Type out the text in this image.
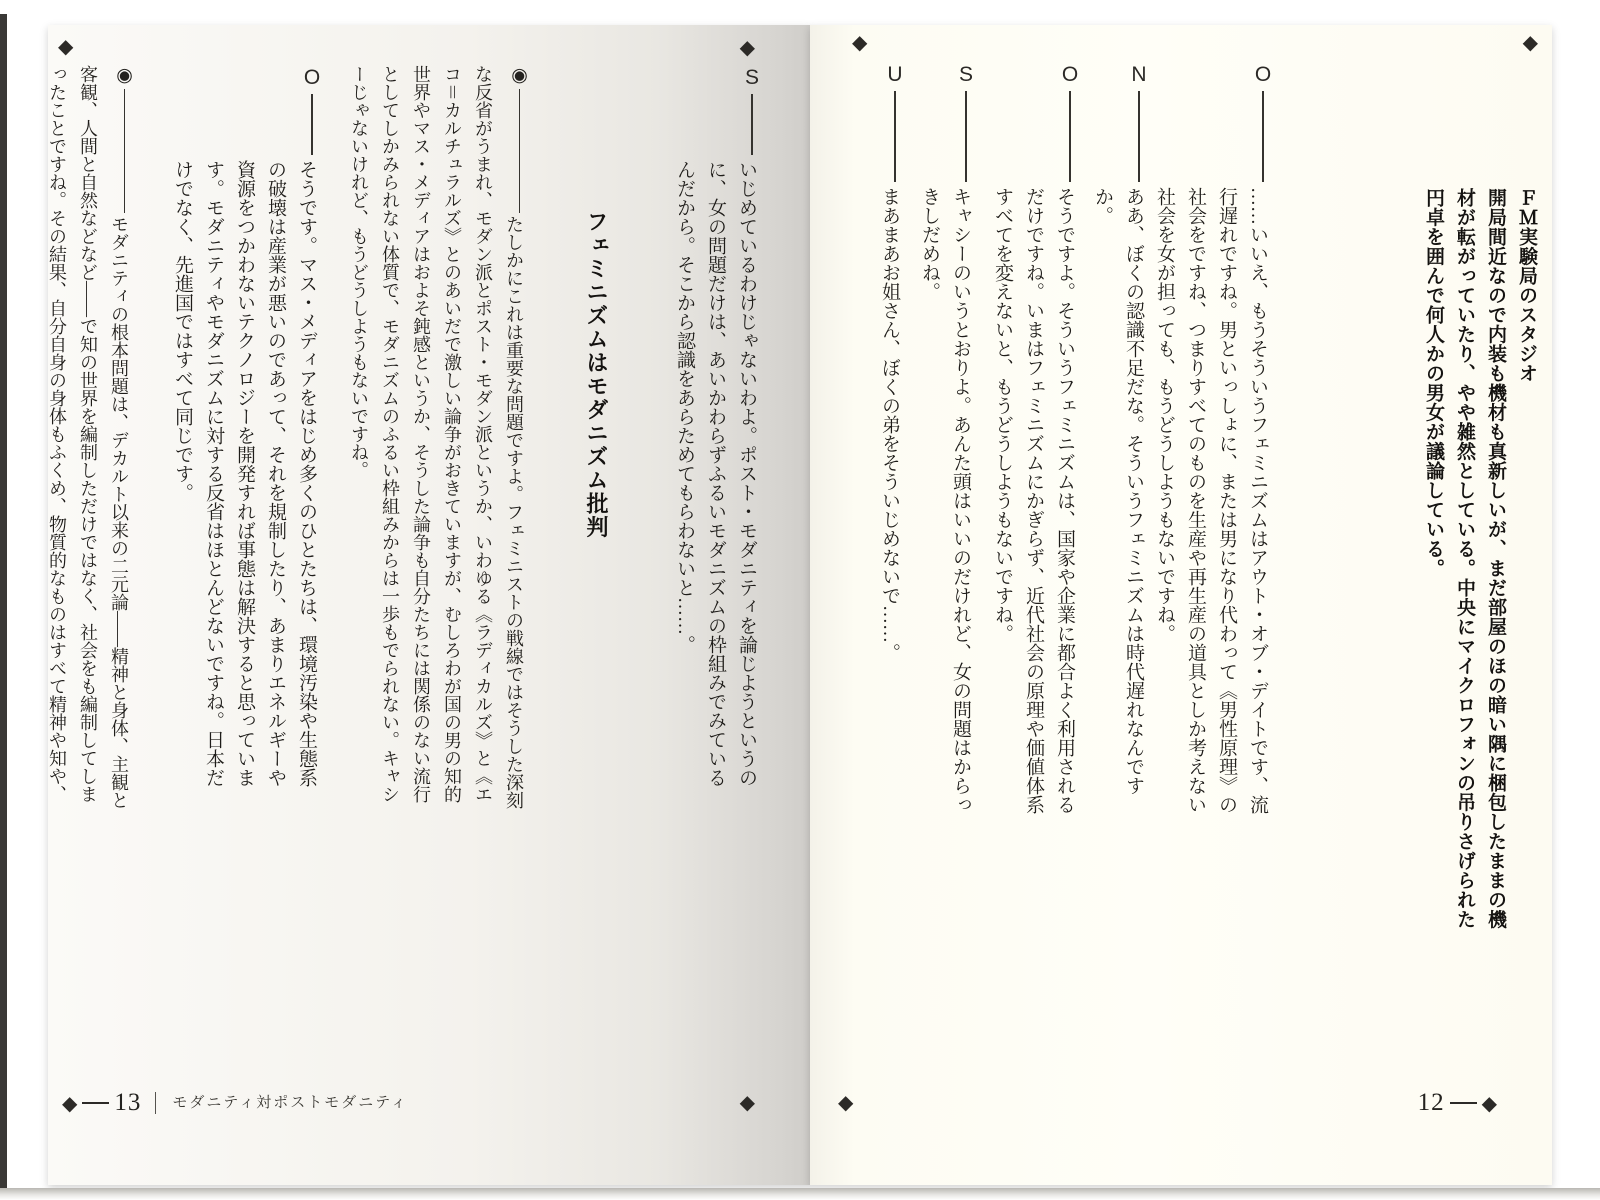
◆	◆
◆
S
いじめているわけじゃないわよ。ポスト・モダニティを論じようというのに、女の問題だけは、あいかわらずふるいモダニズムの枠組みでみているんだから。そこから認識をあらためてもらわないと……。
フェミニズムはモダニズム批判
◉
たしかにこれは重要な問題ですよ。フェミニストの戦線ではそうした深刻な反省がうまれ、モダン派とポスト・モダン派というか、いわゆる《ラディカルズ》と《エコ＝カルチュラルズ》とのあいだで激しい論争がおきていますが、むしろわが国の男の知的世界やマス・メディアはおよそ鈍感というか、そうした論争も自分たちには関係のない流行としてしかみられない体質で、モダニズムのふるい枠組みからは一歩もでられない。キャシーじゃないけれど、もうどうしようもないですね。
O
そうです。マス・メディアをはじめ多くのひとたちは、環境汚染や生態系の破壊は産業が悪いのであって、それを規制したり、あまりエネルギーや資源をつかわないテクノロジーを開発すれば事態は解決すると思っています。モダニティやモダニズムに対する反省はほとんどないですね。日本だけでなく、先進国ではすべて同じです。
◉
モダニティの根本問題は、デカルト以来の二元論――精神と身体、主観と客観、人間と自然などなど――で知の世界を編制しただけではなく、社会をも編制してしまったことですね。その結果、自分自身の身体もふくめ、物質的なものはすべて精神や知や、
◆ 13	モダニティ対ポストモダニティ
◆	◆
◆
ＦＭ実験局のスタジオ
開局間近なので内装も機材も真新しいが、まだ部屋のほの暗い隅に梱包したままの機材が転がっていたり、やや雑然としている。中央にマイクロフォンの吊りさげられた円卓を囲んで何人かの男女が議論している。
O
……いいえ、もうそういうフェミニズムはアウト・オブ・デイトです、流行遅れですね。男といっしょに、または男になり代わって《男性原理》の社会をですね、つまりすべてのものを生産や再生産の道具としか考えない社会を女が担っても、もうどうしようもないですね。
N
ああ、ぼくの認識不足だな。そういうフェミニズムは時代遅れなんですか。
O
そうですよ。そういうフェミニズムは、国家や企業に都合よく利用されるだけですね。いまはフェミニズムにかぎらず、近代社会の原理や価値体系すべてを変えないと、もうどうしようもないですね。
S
キャシーのいうとおりよ。あんた頭はいいのだけれど、女の問題はからっきしだめね。
U
まあまあお姐さん、ぼくの弟をそういじめないで……。
12 ◆
